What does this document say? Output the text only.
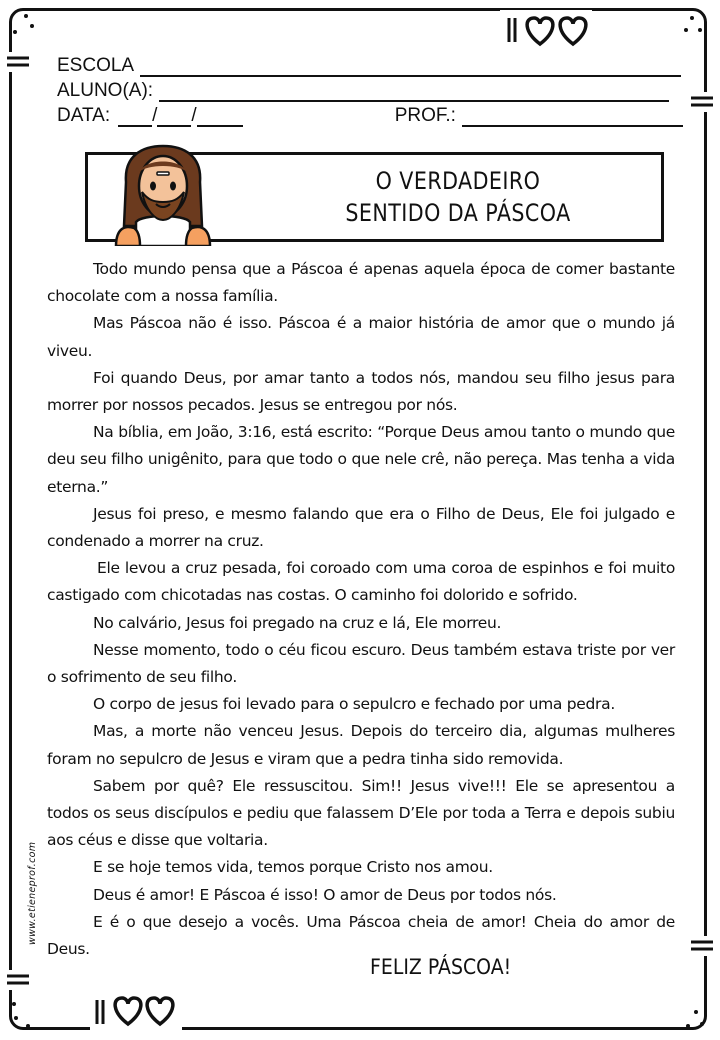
ESCOLA
ALUNO(A):
DATA: / /	PROF.:
O VERDADEIRO
SENTIDO DA PÁSCOA

Todo mundo pensa que a Páscoa é apenas aquela época de comer bastante chocolate com a nossa família.

Mas Páscoa não é isso. Páscoa é a maior história de amor que o mundo já viveu.

Foi quando Deus, por amar tanto a todos nós, mandou seu filho jesus para morrer por nossos pecados. Jesus se entregou por nós.

Na bíblia, em João, 3:16, está escrito: “Porque Deus amou tanto o mundo que deu seu filho unigênito, para que todo o que nele crê, não pereça. Mas tenha a vida eterna.”

Jesus foi preso, e mesmo falando que era o Filho de Deus, Ele foi julgado e condenado a morrer na cruz.

Ele levou a cruz pesada, foi coroado com uma coroa de espinhos e foi muito castigado com chicotadas nas costas. O caminho foi dolorido e sofrido.

No calvário, Jesus foi pregado na cruz e lá, Ele morreu.

Nesse momento, todo o céu ficou escuro. Deus também estava triste por ver o sofrimento de seu filho.

O corpo de jesus foi levado para o sepulcro e fechado por uma pedra.

Mas, a morte não venceu Jesus. Depois do terceiro dia, algumas mulheres foram no sepulcro de Jesus e viram que a pedra tinha sido removida.

Sabem por quê? Ele ressuscitou. Sim!! Jesus vive!!! Ele se apresentou a todos os seus discípulos e pediu que falassem D’Ele por toda a Terra e depois subiu aos céus e disse que voltaria.

E se hoje temos vida, temos porque Cristo nos amou.

Deus é amor! E Páscoa é isso! O amor de Deus por todos nós.

E é o que desejo a vocês. Uma Páscoa cheia de amor! Cheia do amor de Deus.

FELIZ PÁSCOA!
www.etieneprof.com
